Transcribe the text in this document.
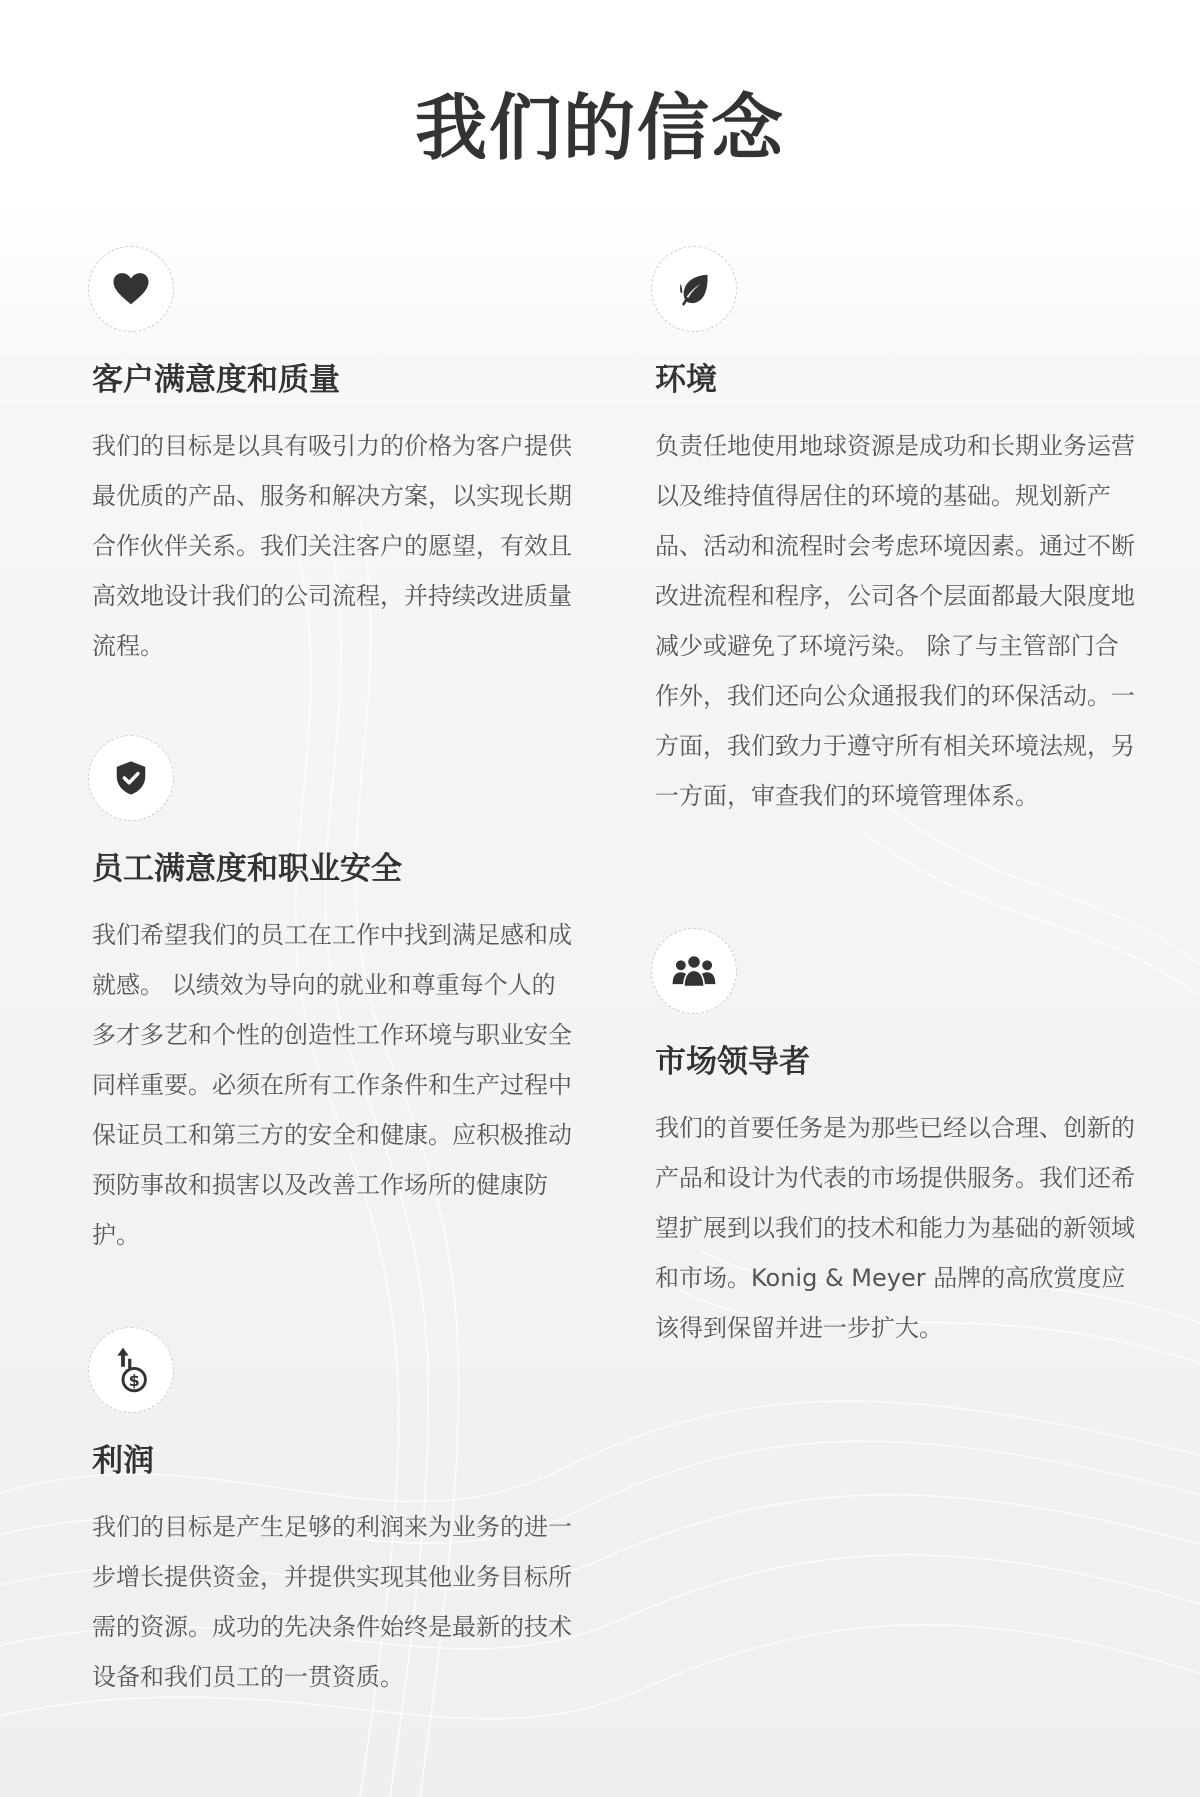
我们的信念
客户满意度和质量

我们的目标是以具有吸引力的价格为客户提供最优质的产品、服务和解决方案，以实现长期合作伙伴关系。我们关注客户的愿望，有效且高效地设计我们的公司流程，并持续改进质量流程。

员工满意度和职业安全

我们希望我们的员工在工作中找到满足感和成就感。 以绩效为导向的就业和尊重每个人的多才多艺和个性的创造性工作环境与职业安全同样重要。必须在所有工作条件和生产过程中保证员工和第三方的安全和健康。应积极推动预防事故和损害以及改善工作场所的健康防护。

$
利润

我们的目标是产生足够的利润来为业务的进一步增长提供资金，并提供实现其他业务目标所需的资源。成功的先决条件始终是最新的技术设备和我们员工的一贯资质。

环境

负责任地使用地球资源是成功和长期业务运营以及维持值得居住的环境的基础。规划新产品、活动和流程时会考虑环境因素。通过不断改进流程和程序，公司各个层面都最大限度地减少或避免了环境污染。 除了与主管部门合作外，我们还向公众通报我们的环保活动。一方面，我们致力于遵守所有相关环境法规，另一方面，审查我们的环境管理体系。

市场领导者

我们的首要任务是为那些已经以合理、创新的产品和设计为代表的市场提供服务。我们还希望扩展到以我们的技术和能力为基础的新领域和市场。Konig & Meyer 品牌的高欣赏度应该得到保留并进一步扩大。
